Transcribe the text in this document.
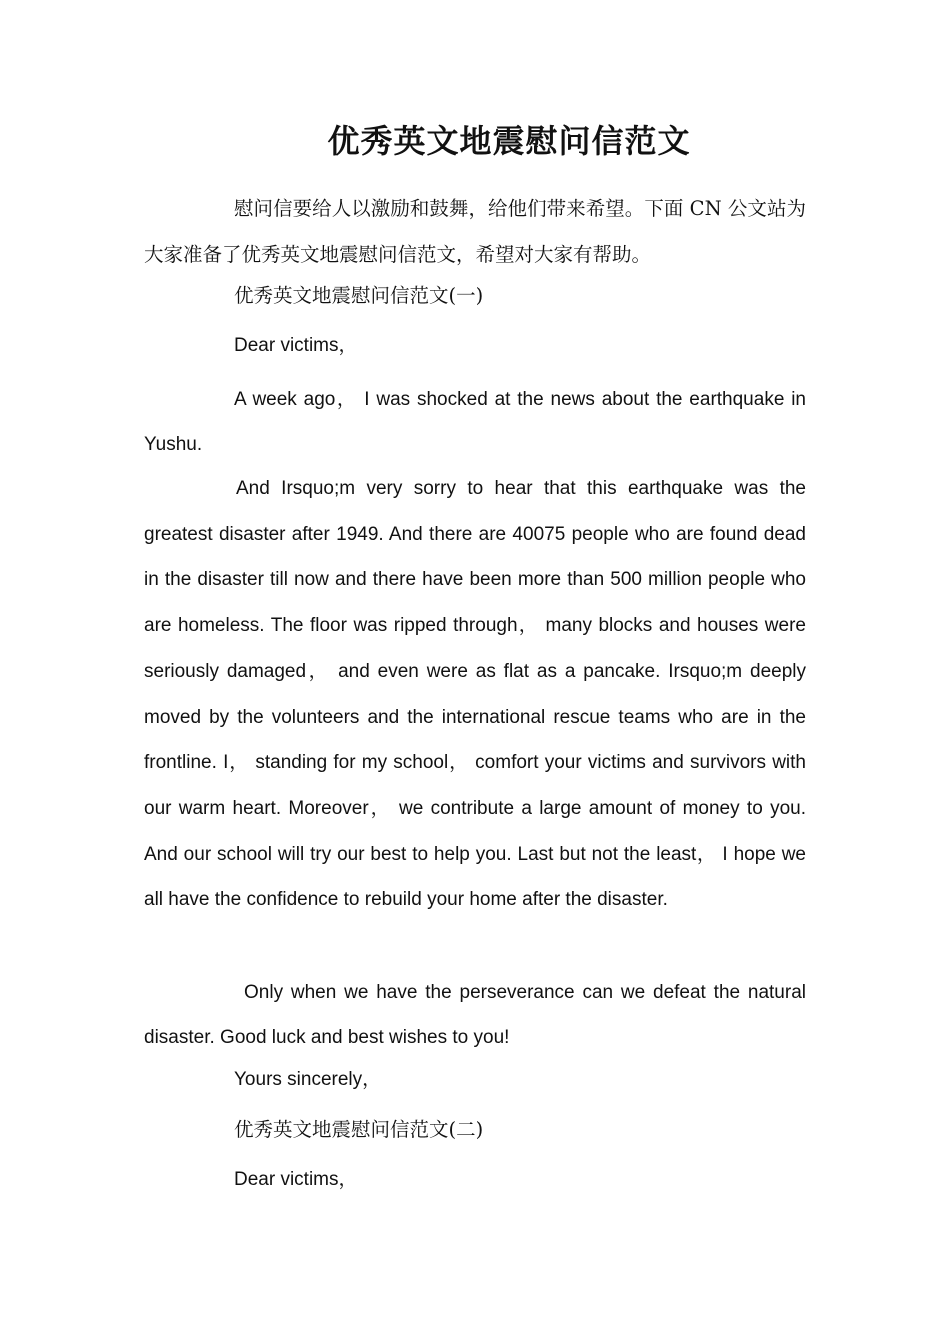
优秀英文地震慰问信范文

慰问信要给人以激励和鼓舞，给他们带来希望。下面 CN 公文站为大家准备了优秀英文地震慰问信范文，希望对大家有帮助。

优秀英文地震慰问信范文(一)

Dear victims，

A week ago， I was shocked at the news about the earthquake in Yushu.

And Irsquo;m very sorry to hear that this earthquake was the greatest disaster after 1949. And there are 40075 people who are found dead in the disaster till now and there have been more than 500 million people who are homeless. The floor was ripped through， many blocks and houses were seriously damaged， and even were as flat as a pancake. Irsquo;m deeply moved by the volunteers and the international rescue teams who are in the frontline. I， standing for my school， comfort your victims and survivors with our warm heart. Moreover， we contribute a large amount of money to you. And our school will try our best to help you. Last but not the least， I hope we all have the confidence to rebuild your home after the disaster.

Only when we have the perseverance can we defeat the natural disaster. Good luck and best wishes to you!

Yours sincerely，

优秀英文地震慰问信范文(二)

Dear victims，
